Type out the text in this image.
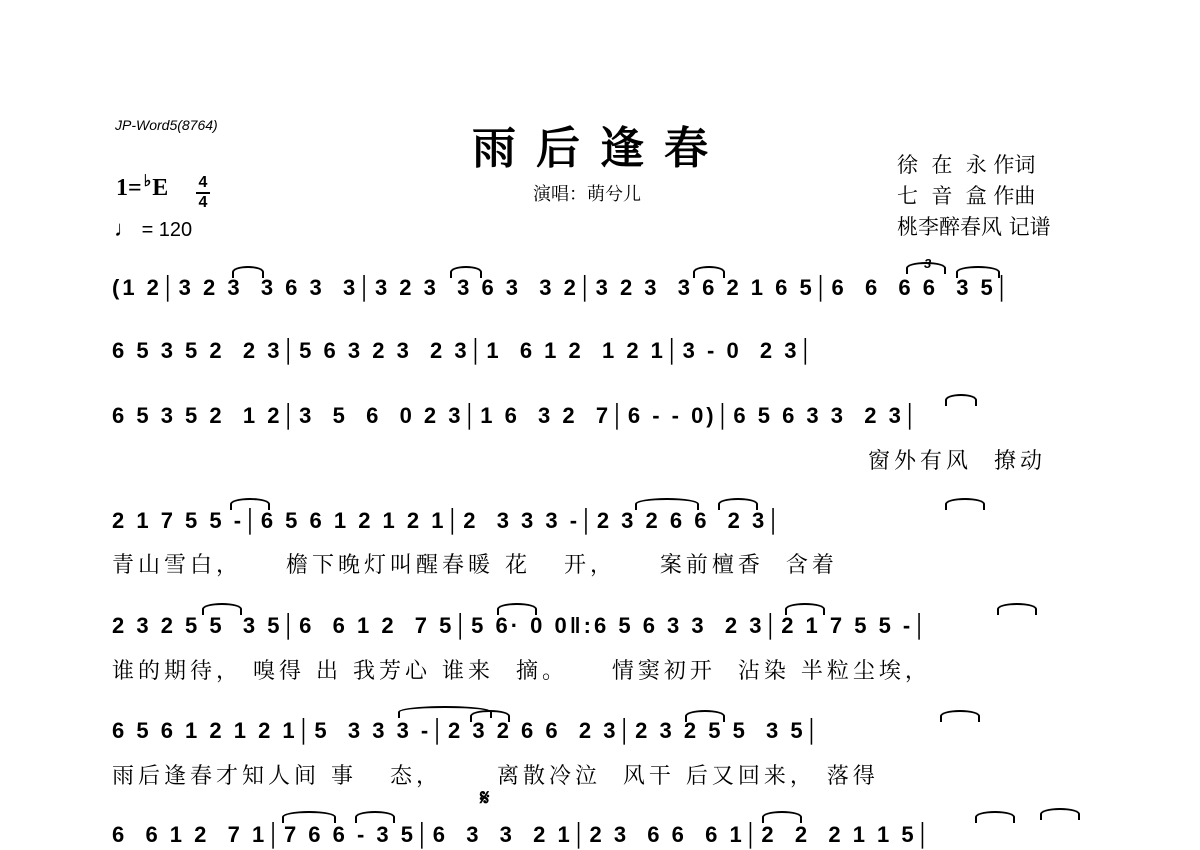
JP-Word5(8764)	雨后逢春
演唱：萌兮儿
徐  在  永 作词
七  音  盒 作曲
桃李醉春风 记谱
1= ♭E 4
4
♩ = 120
(1 2│3 2 3  3 6 3  3│3 2 3  3 6 3  3 2│3 2 3  3 6 2 1 6 5│6  6  6 6  3 5│
3
6 5 3 5 2  2 3│5 6 3 2 3  2 3│1  6 1 2  1 2 1│3 - 0  2 3│
6 5 3 5 2  1 2│3  5  6  0 2 3│1 6  3 2  7│6 - - 0)│6 5 6 3 3  2 3│
窗外有风  撩动
2 1 7 5 5 -│6 5 6 1 2 1 2 1│2  3 3 3 -│2 3 2 6 6  2 3│
青山雪白，    檐下晚灯叫醒春暖 花   开，    案前檀香  含着
2 3 2 5 5  3 5│6  6 1 2  7 5│5 6· 0 0‖:6 5 6 3 3  2 3│2 1 7 5 5 -│
谁的期待， 嗅得 出 我芳心 谁来  摘。    情窦初开  沾染 半粒尘埃，
6 5 6 1 2 1 2 1│5  3 3 3 -│2 3 2 6 6  2 3│2 3 2 5 5  3 5│
雨后逢春才知人间 事   态，     离散冷泣  风干 后又回来， 落得
𝄋
6  6 1 2  7 1│7 6 6 - 3 5│6  3  3  2 1│2 3  6 6  6 1│2  2  2 1 1 5│
